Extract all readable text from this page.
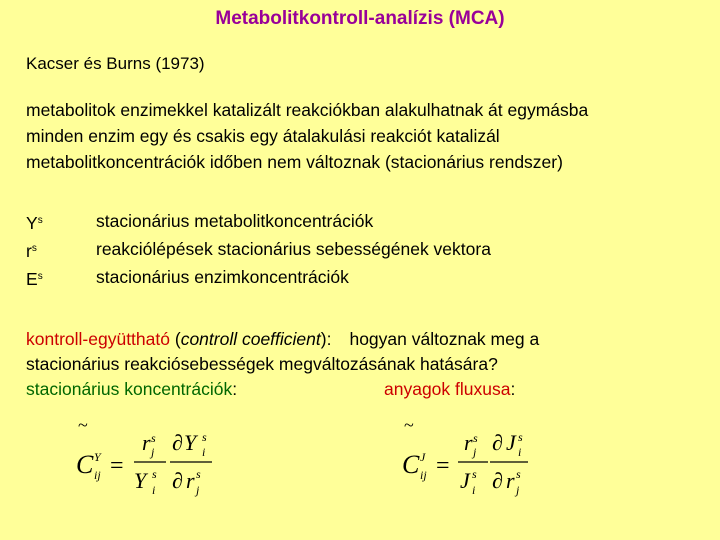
Metabolitkontroll-analízis (MCA)
Kacser és Burns (1973)
metabolitok enzimekkel katalizált reakciókban alakulhatnak át egymásba
minden enzim egy és csakis egy átalakulási reakciót katalizál
metabolitkoncentrációk időben nem változnak (stacionárius rendszer)
$Y^s$	stacionárius metabolitkoncentrációk
$r^s$	reakciólépések stacionárius sebességének vektora
$E^s$	stacionárius enzimkoncentrációk
kontroll-együttható (controll coefficient): hogyan változnak meg a
stacionárius reakciósebességek megváltozásának hatására?
stacionárius koncentrációk:	anyagok fluxusa:
~
C Y
ij =
r s
j
Y s
i
∂ Y s
i
∂ r s
j
~
C J
ij =
r s
j
J s
i
∂ J s
i
∂ r s
j
